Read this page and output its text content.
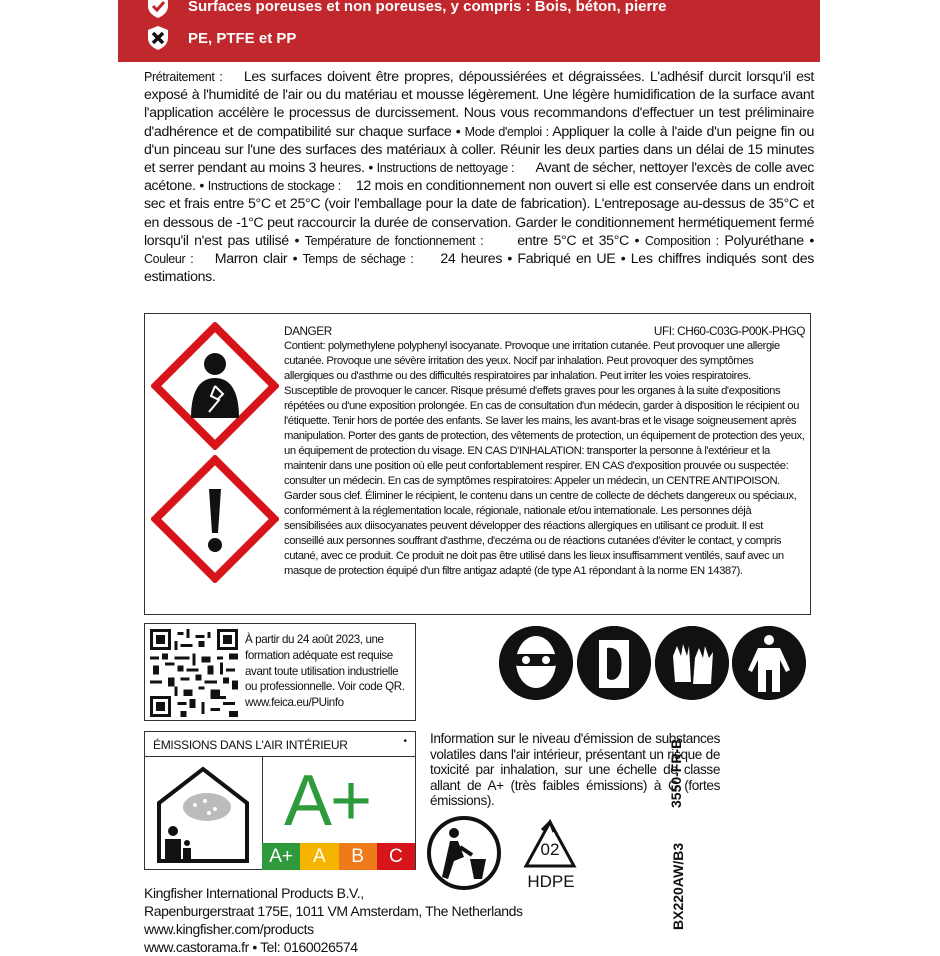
Surfaces poreuses et non poreuses, y compris : Bois, béton, pierre
PE, PTFE et PP
Prétraitement : Les surfaces doivent être propres, dépoussiérées et dégraissées. L'adhésif durcit lorsqu'il est exposé à l'humidité de l'air ou du matériau et mousse légèrement. Une légère humidification de la surface avant l'application accélère le processus de durcissement. Nous vous recommandons d'effectuer un test préliminaire d'adhérence et de compatibilité sur chaque surface • Mode d'emploi : Appliquer la colle à l'aide d'un peigne fin ou d'un pinceau sur l'une des surfaces des matériaux à coller. Réunir les deux parties dans un délai de 15 minutes et serrer pendant au moins 3 heures. • Instructions de nettoyage : Avant de sécher, nettoyer l'excès de colle avec acétone. • Instructions de stockage : 12 mois en conditionnement non ouvert si elle est conservée dans un endroit sec et frais entre 5°C et 25°C (voir l'emballage pour la date de fabrication). L'entreposage au-dessus de 35°C et en dessous de -1°C peut raccourcir la durée de conservation. Garder le conditionnement hermétiquement fermé lorsqu'il n'est pas utilisé • Température de fonctionnement : entre 5°C et 35°C • Composition : Polyuréthane • Couleur : Marron clair • Temps de séchage : 24 heures • Fabriqué en UE • Les chiffres indiqués sont des estimations.
DANGER	UFI: CH60-C03G-P00K-PHGQ
Contient: polymethylene polyphenyl isocyanate. Provoque une irritation cutanée. Peut provoquer une allergie cutanée. Provoque une sévère irritation des yeux. Nocif par inhalation. Peut provoquer des symptômes allergiques ou d'asthme ou des difficultés respiratoires par inhalation. Peut irriter les voies respiratoires. Susceptible de provoquer le cancer. Risque présumé d'effets graves pour les organes à la suite d'expositions répétées ou d'une exposition prolongée. En cas de consultation d'un médecin, garder à disposition le récipient ou l'étiquette. Tenir hors de portée des enfants. Se laver les mains, les avant-bras et le visage soigneusement après manipulation. Porter des gants de protection, des vêtements de protection, un équipement de protection des yeux, un équipement de protection du visage. EN CAS D'INHALATION: transporter la personne à l'extérieur et la maintenir dans une position où elle peut confortablement respirer. EN CAS d'exposition prouvée ou suspectée: consulter un médecin. En cas de symptômes respiratoires: Appeler un médecin, un CENTRE ANTIPOISON. Garder sous clef. Éliminer le récipient, le contenu dans un centre de collecte de déchets dangereux ou spéciaux, conformément à la réglementation locale, régionale, nationale et/ou internationale. Les personnes déjà sensibilisées aux diisocyanates peuvent développer des réactions allergiques en utilisant ce produit. Il est conseillé aux personnes souffrant d'asthme, d'eczéma ou de réactions cutanées d'éviter le contact, y compris cutané, avec ce produit. Ce produit ne doit pas être utilisé dans les lieux insuffisamment ventilés, sauf avec un masque de protection équipé d'un filtre antigaz adapté (de type A1 répondant à la norme EN 14387).
À partir du 24 août 2023, une formation adéquate est requise avant toute utilisation industrielle ou professionnelle. Voir code QR. www.feica.eu/PUinfo
ÉMISSIONS DANS L'AIR INTÉRIEUR	•
A+
A+	A	B	C
Information sur le niveau d'émission de substances volatiles dans l'air intérieur, présentant un risque de toxicité par inhalation, sur une échelle de classe allant de A+ (très faibles émissions) à C (fortes émissions).
02
HDPE
3550-FR-B
BX220AW/B3
Kingfisher International Products B.V.,
Rapenburgerstraat 175E, 1011 VM Amsterdam, The Netherlands
www.kingfisher.com/products
www.castorama.fr • Tel: 0160026574
